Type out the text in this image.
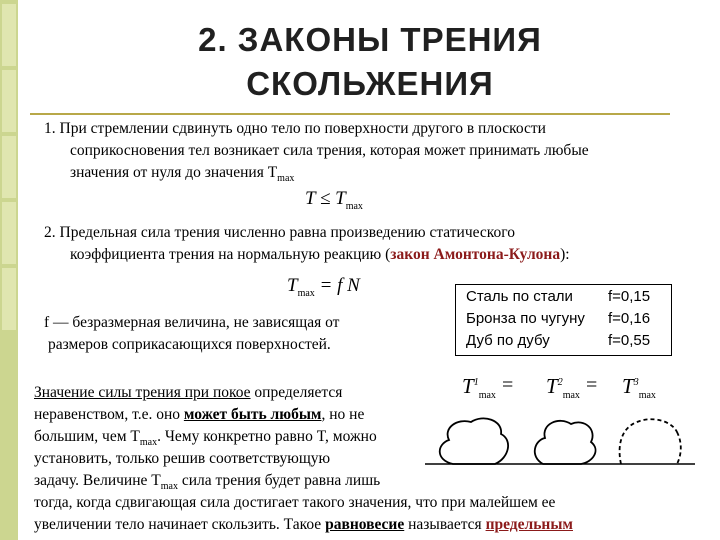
2. ЗАКОНЫ ТРЕНИЯ
СКОЛЬЖЕНИЯ
1. При стремлении сдвинуть одно тело по поверхности другого в плоскости
соприкосновения тел возникает сила трения, которая может принимать любые
значения от нуля до значения $T_{max}$
$T \le T_{max}$
2. Предельная сила трения численно равна произведению статического
коэффициента трения на нормальную реакцию (закон Амонтона-Кулона):
$T_{max} = f$ N
f — безразмерная величина, не зависящая от
размеров соприкасающихся поверхностей.
Сталь по стали f=0,15
Бронза по чугуну f=0,16
Дуб по дубу	f=0,55
$T^1_{max} = T^2_{max} = T^3_{max}$
Значение силы трения при покое определяется
неравенством, т.е. оно может быть любым, но не
большим, чем $T_{max}$. Чему конкретно равно T, можно
установить, только решив соответствующую
задачу. Величине $T_{max}$ сила трения будет равна лишь
тогда, когда сдвигающая сила достигает такого значения, что при малейшем ее
увеличении тело начинает скользить. Такое равновесие называется предельным
